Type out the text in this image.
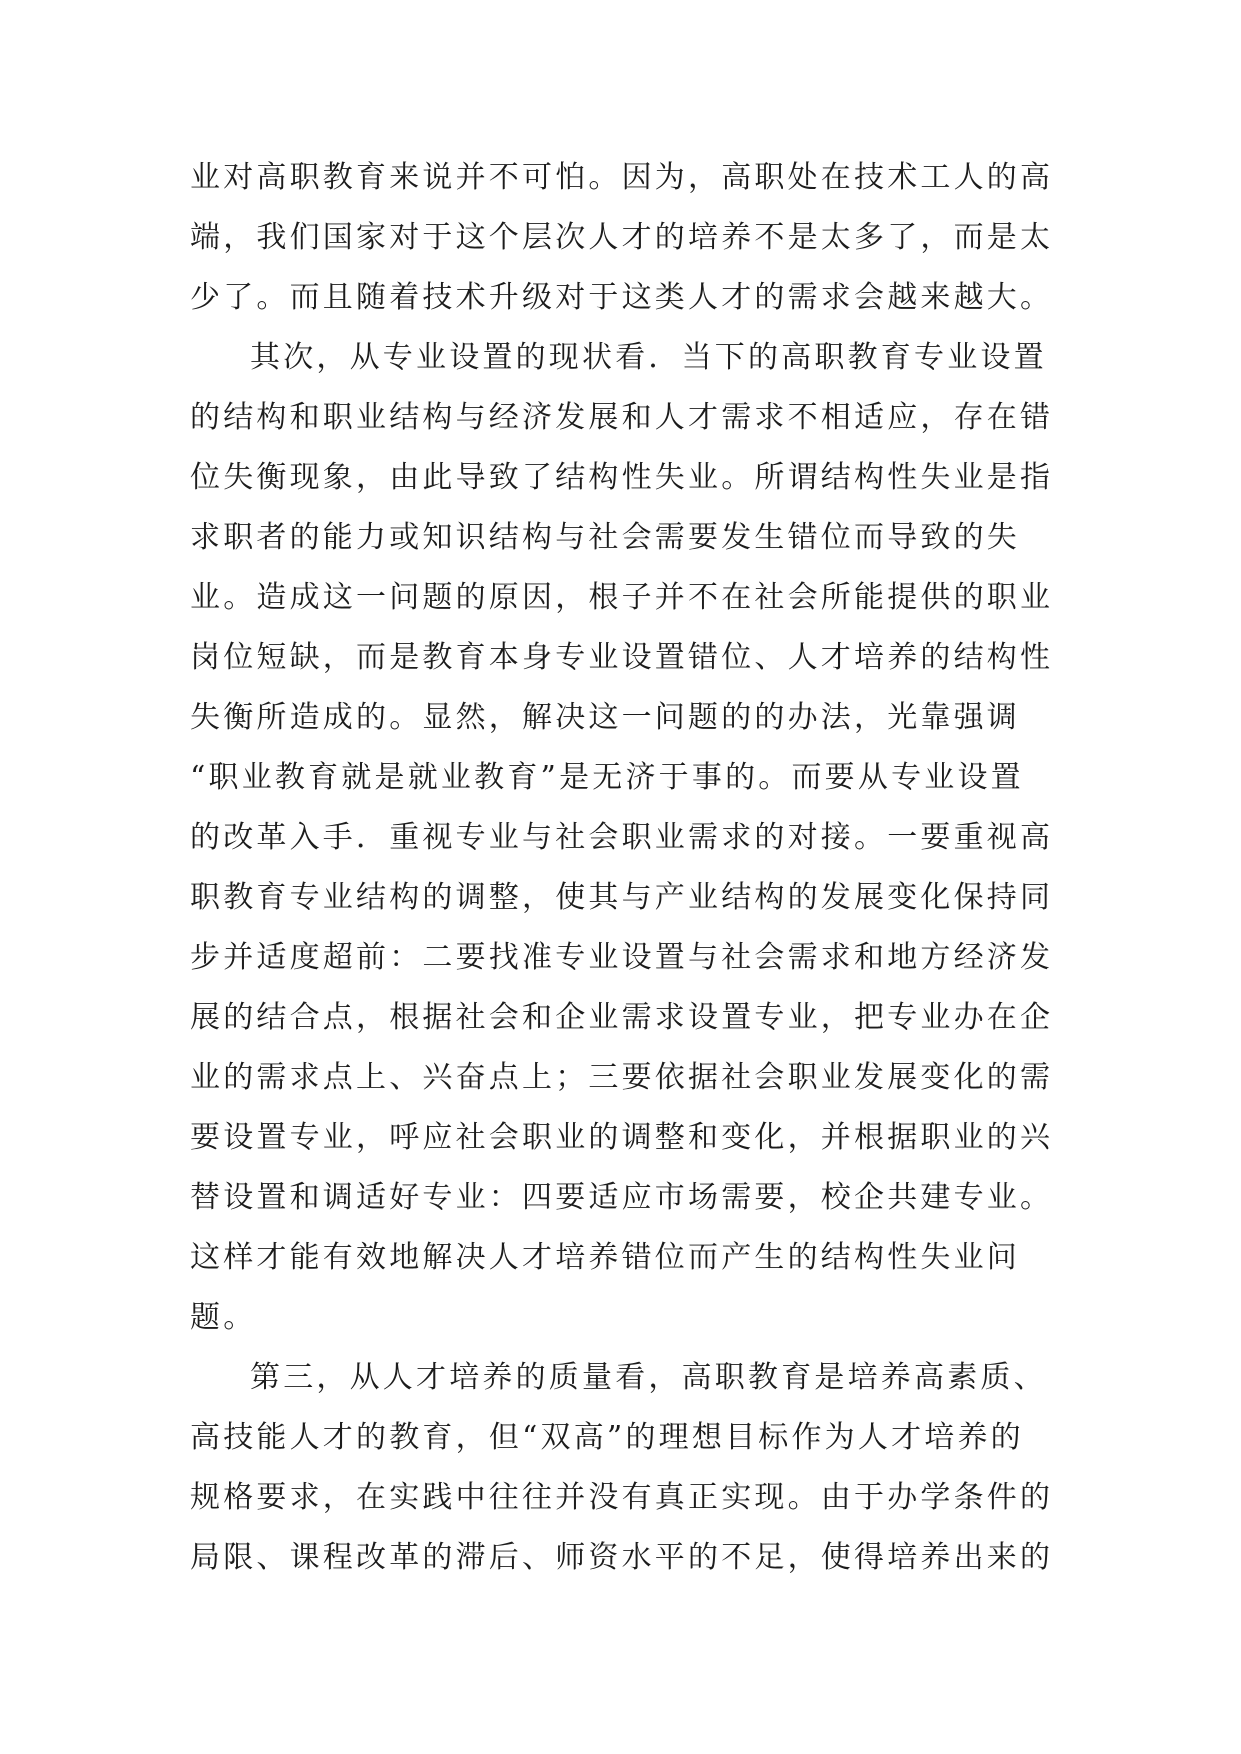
业对高职教育来说并不可怕。因为，高职处在技术工人的高
端，我们国家对于这个层次人才的培养不是太多了，而是太
少了。而且随着技术升级对于这类人才的需求会越来越大。
其次，从专业设置的现状看．当下的高职教育专业设置
的结构和职业结构与经济发展和人才需求不相适应，存在错
位失衡现象，由此导致了结构性失业。所谓结构性失业是指
求职者的能力或知识结构与社会需要发生错位而导致的失
业。造成这一问题的原因，根子并不在社会所能提供的职业
岗位短缺，而是教育本身专业设置错位、人才培养的结构性
失衡所造成的。显然，解决这一问题的的办法，光靠强调
“职业教育就是就业教育”是无济于事的。而要从专业设置
的改革入手．重视专业与社会职业需求的对接。一要重视高
职教育专业结构的调整，使其与产业结构的发展变化保持同
步并适度超前：二要找准专业设置与社会需求和地方经济发
展的结合点，根据社会和企业需求设置专业，把专业办在企
业的需求点上、兴奋点上；三要依据社会职业发展变化的需
要设置专业，呼应社会职业的调整和变化，并根据职业的兴
替设置和调适好专业：四要适应市场需要，校企共建专业。
这样才能有效地解决人才培养错位而产生的结构性失业问
题。
第三，从人才培养的质量看，高职教育是培养高素质、
高技能人才的教育，但“双高”的理想目标作为人才培养的
规格要求，在实践中往往并没有真正实现。由于办学条件的
局限、课程改革的滞后、师资水平的不足，使得培养出来的
